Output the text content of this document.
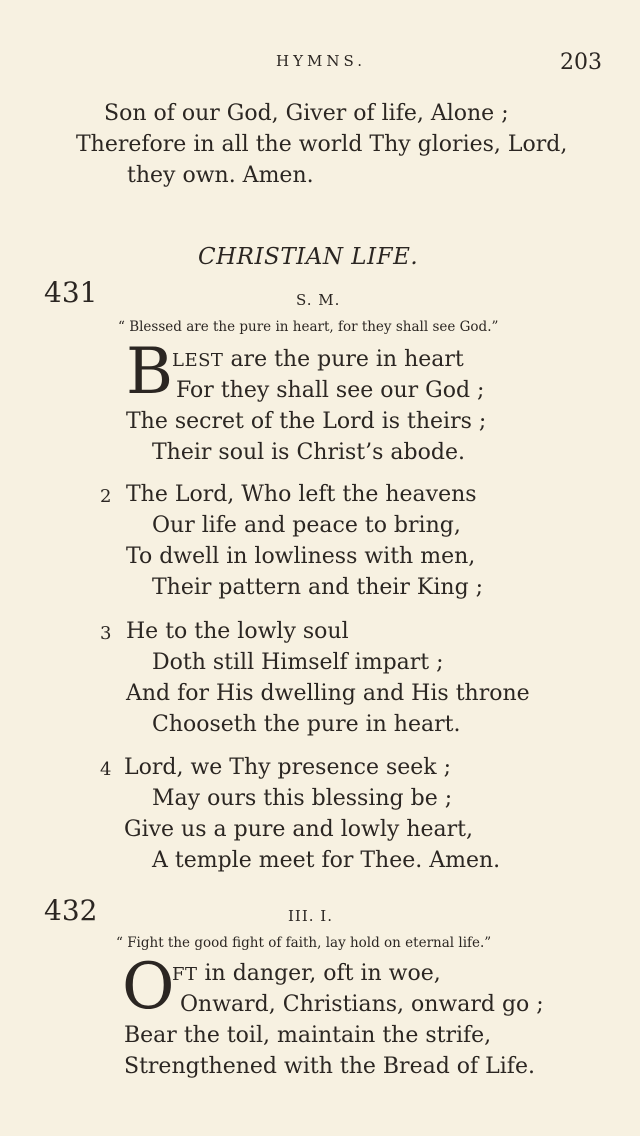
HYMNS.	203
Son of our God, Giver of life, Alone ;
Therefore in all the world Thy glories, Lord,
they own. Amen.
CHRISTIAN LIFE.
431	S. M.
“ Blessed are the pure in heart, for they shall see God.”
B
LEST are the pure in heart
For they shall see our God ;
The secret of the Lord is theirs ;
Their soul is Christ’s abode.
2 The Lord, Who left the heavens
Our life and peace to bring,
To dwell in lowliness with men,
Their pattern and their King ;
3 He to the lowly soul
Doth still Himself impart ;
And for His dwelling and His throne
Chooseth the pure in heart.
4 Lord, we Thy presence seek ;
May ours this blessing be ;
Give us a pure and lowly heart,
A temple meet for Thee. Amen.
432	III. I.
“ Fight the good fight of faith, lay hold on eternal life.”
O
FT in danger, oft in woe,
Onward, Christians, onward go ;
Bear the toil, maintain the strife,
Strengthened with the Bread of Life.
